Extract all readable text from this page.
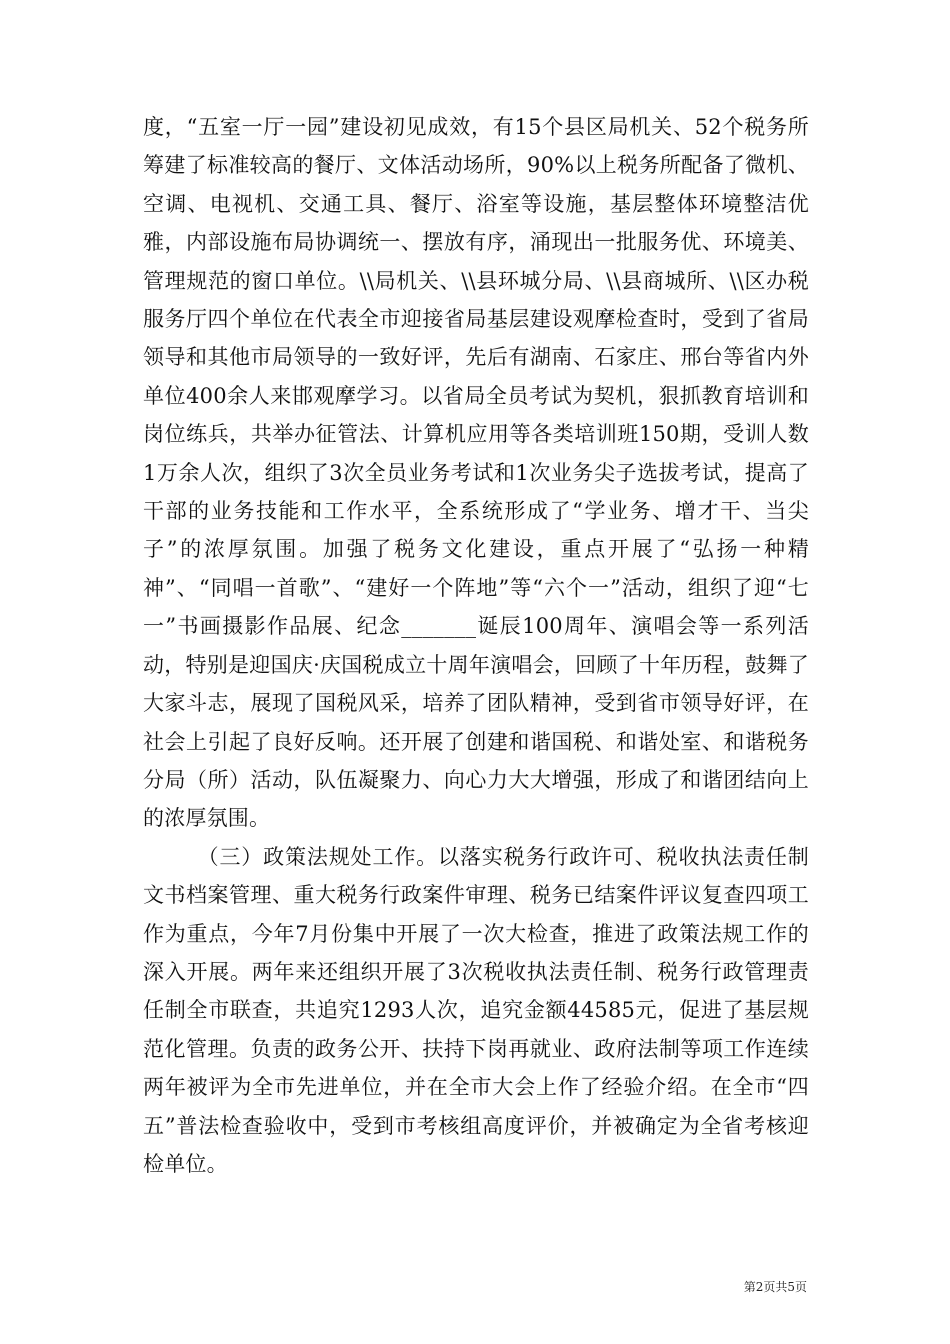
度，“五室一厅一园”建设初见成效，有15个县区局机关、52个税务所筹建了标准较高的餐厅、文体活动场所，90%以上税务所配备了微机、空调、电视机、交通工具、餐厅、浴室等设施，基层整体环境整洁优雅，内部设施布局协调统一、摆放有序，涌现出一批服务优、环境美、管理规范的窗口单位。\\局机关、\\县环城分局、\\县商城所、\\区办税服务厅四个单位在代表全市迎接省局基层建设观摩检查时，受到了省局领导和其他市局领导的一致好评，先后有湖南、石家庄、邢台等省内外单位400余人来邯观摩学习。以省局全员考试为契机，狠抓教育培训和岗位练兵，共举办征管法、计算机应用等各类培训班150期，受训人数1万余人次，组织了3次全员业务考试和1次业务尖子选拔考试，提高了干部的业务技能和工作水平，全系统形成了“学业务、增才干、当尖子”的浓厚氛围。加强了税务文化建设，重点开展了“弘扬一种精神”、“同唱一首歌”、“建好一个阵地”等“六个一”活动，组织了迎“七一”书画摄影作品展、纪念_______诞辰100周年、演唱会等一系列活动，特别是迎国庆·庆国税成立十周年演唱会，回顾了十年历程，鼓舞了大家斗志，展现了国税风采，培养了团队精神，受到省市领导好评，在社会上引起了良好反响。还开展了创建和谐国税、和谐处室、和谐税务分局（所）活动，队伍凝聚力、向心力大大增强，形成了和谐团结向上的浓厚氛围。

（三）政策法规处工作。以落实税务行政许可、税收执法责任制文书档案管理、重大税务行政案件审理、税务已结案件评议复查四项工作为重点，今年7月份集中开展了一次大检查，推进了政策法规工作的深入开展。两年来还组织开展了3次税收执法责任制、税务行政管理责任制全市联查，共追究1293人次，追究金额44585元，促进了基层规范化管理。负责的政务公开、扶持下岗再就业、政府法制等项工作连续两年被评为全市先进单位，并在全市大会上作了经验介绍。在全市“四五”普法检查验收中，受到市考核组高度评价，并被确定为全省考核迎检单位。

第2页共5页
